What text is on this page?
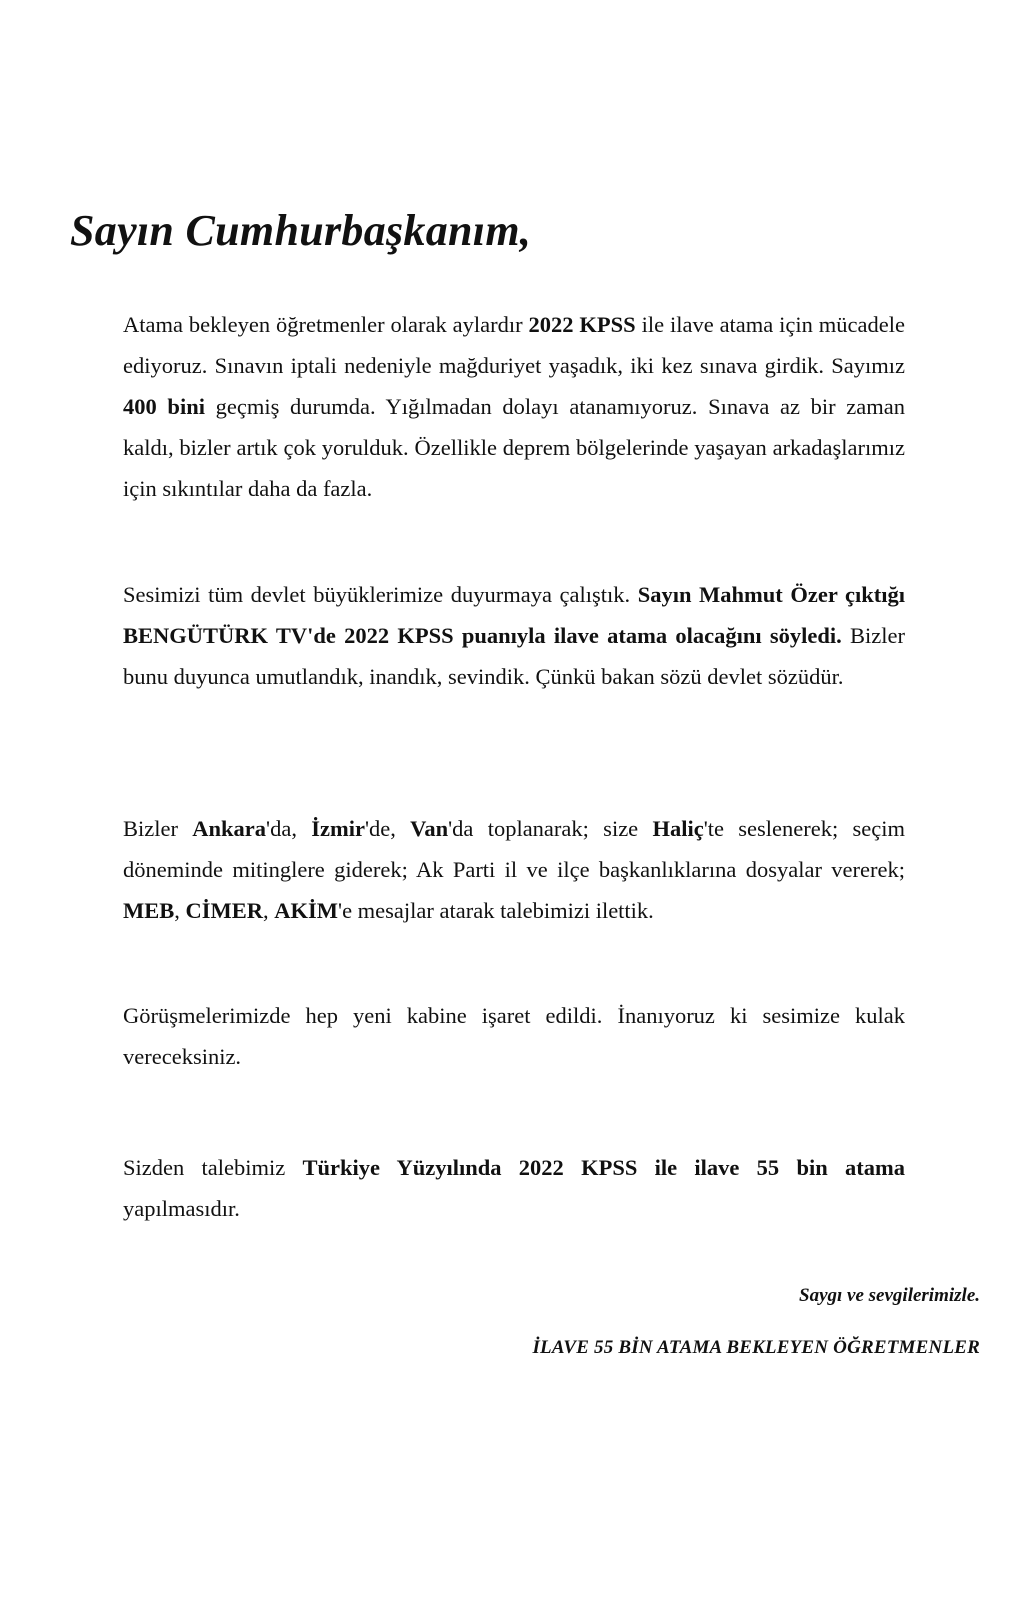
Sayın Cumhurbaşkanım,

Atama bekleyen öğretmenler olarak aylardır 2022 KPSS ile ilave atama için mücadele ediyoruz. Sınavın iptali nedeniyle mağduriyet yaşadık, iki kez sınava girdik. Sayımız 400 bini geçmiş durumda. Yığılmadan dolayı atanamıyoruz. Sınava az bir zaman kaldı, bizler artık çok yorulduk. Özellikle deprem bölgelerinde yaşayan arkadaşlarımız için sıkıntılar daha da fazla.

Sesimizi tüm devlet büyüklerimize duyurmaya çalıştık. Sayın Mahmut Özer çıktığı BENGÜTÜRK TV'de 2022 KPSS puanıyla ilave atama olacağını söyledi. Bizler bunu duyunca umutlandık, inandık, sevindik. Çünkü bakan sözü devlet sözüdür.

Bizler Ankara'da, İzmir'de, Van'da toplanarak; size Haliç'te seslenerek; seçim döneminde mitinglere giderek; Ak Parti il ve ilçe başkanlıklarına dosyalar vererek; MEB, CİMER, AKİM'e mesajlar atarak talebimizi ilettik.

Görüşmelerimizde hep yeni kabine işaret edildi. İnanıyoruz ki sesimize kulak vereceksiniz.

Sizden talebimiz Türkiye Yüzyılında 2022 KPSS ile ilave 55 bin atama yapılmasıdır.

Saygı ve sevgilerimizle.

İLAVE 55 BİN ATAMA BEKLEYEN ÖĞRETMENLER
